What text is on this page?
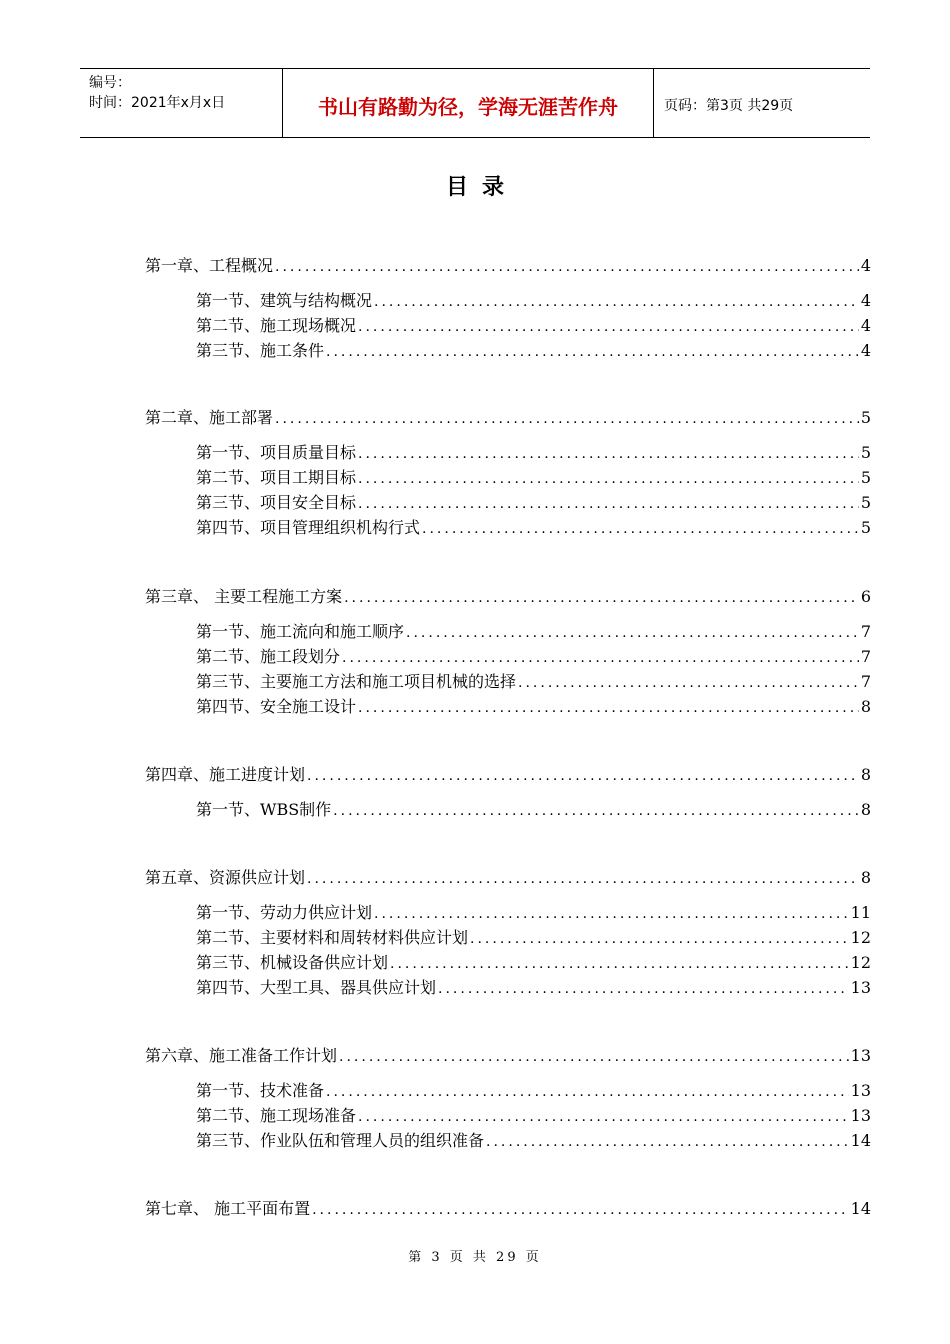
编号：
时间：2021年x月x日	书山有路勤为径，学海无涯苦作舟	页码：第3页 共29页
目录
第一章、工程概况 .....	4
第一节、建筑与结构概况 .....	4
第二节、施工现场概况 .....	4
第三节、施工条件 .....	4
第二章、施工部署 .....	5
第一节、项目质量目标 .....	5
第二节、项目工期目标 .....	5
第三节、项目安全目标 .....	5
第四节、项目管理组织机构行式 .....	5
第三章、 主要工程施工方案 .....	6
第一节、施工流向和施工顺序 .....	7
第二节、施工段划分 .....	7
第三节、主要施工方法和施工项目机械的选择 .....	7
第四节、安全施工设计 .....	8
第四章、施工进度计划 .....	8
第一节、WBS制作 .....	8
第五章、资源供应计划 .....	8
第一节、劳动力供应计划 .....	11
第二节、主要材料和周转材料供应计划 .....	12
第三节、机械设备供应计划 .....	12
第四节、大型工具、器具供应计划 .....	13
第六章、施工准备工作计划 .....	13
第一节、技术准备 .....	13
第二节、施工现场准备 .....	13
第三节、作业队伍和管理人员的组织准备 .....	14
第七章、 施工平面布置 .....	14
第 3 页 共 29 页
